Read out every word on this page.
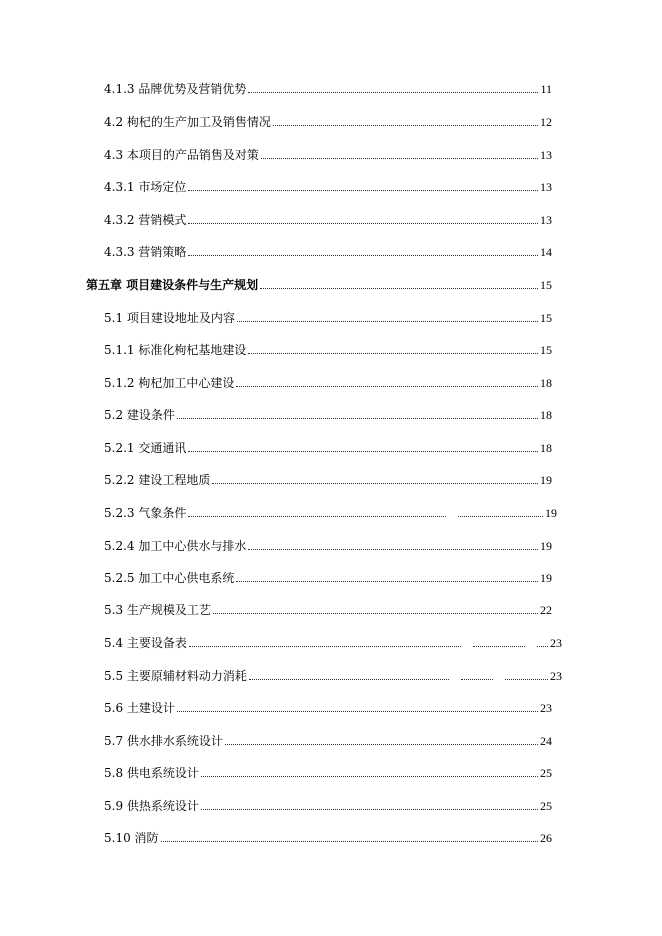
4.1.3 品牌优势及营销优势	11
4.2 枸杞的生产加工及销售情况	12
4.3 本项目的产品销售及对策	13
4.3.1 市场定位	13
4.3.2 营销模式	13
4.3.3 营销策略	14
第五章 项目建设条件与生产规划	15
5.1 项目建设地址及内容	15
5.1.1 标准化枸杞基地建设	15
5.1.2 枸杞加工中心建设	18
5.2 建设条件	18
5.2.1 交通通讯	18
5.2.2 建设工程地质	19
5.2.3 气象条件	19
5.2.4 加工中心供水与排水	19
5.2.5 加工中心供电系统	19
5.3 生产规模及工艺	22
5.4 主要设备表	23
5.5 主要原辅材料动力消耗	23
5.6 土建设计	23
5.7 供水排水系统设计	24
5.8 供电系统设计	25
5.9 供热系统设计	25
5.10 消防	26
